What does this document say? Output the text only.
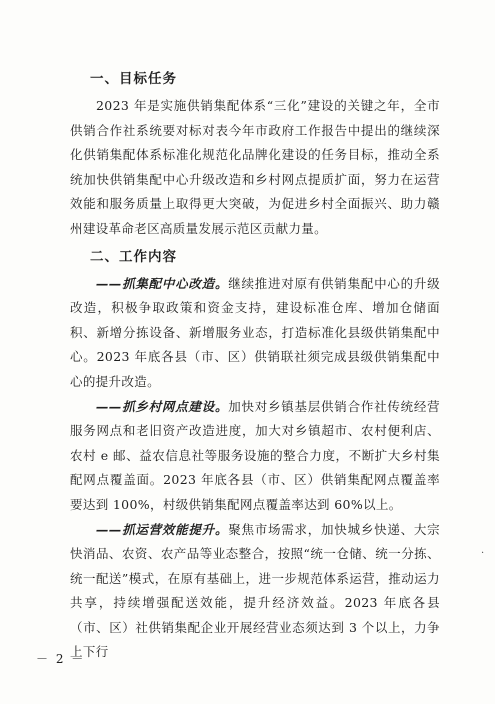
一、目标任务

2023 年是实施供销集配体系“三化”建设的关键之年，全市供销合作社系统要对标对表今年市政府工作报告中提出的继续深化供销集配体系标准化规范化品牌化建设的任务目标，推动全系统加快供销集配中心升级改造和乡村网点提质扩面，努力在运营效能和服务质量上取得更大突破，为促进乡村全面振兴、助力赣州建设革命老区高质量发展示范区贡献力量。

二、工作内容

——抓集配中心改造。继续推进对原有供销集配中心的升级改造，积极争取政策和资金支持，建设标准仓库、增加仓储面积、新增分拣设备、新增服务业态，打造标准化县级供销集配中心。2023 年底各县（市、区）供销联社须完成县级供销集配中心的提升改造。

——抓乡村网点建设。加快对乡镇基层供销合作社传统经营服务网点和老旧资产改造进度，加大对乡镇超市、农村便利店、农村 e 邮、益农信息社等服务设施的整合力度，不断扩大乡村集配网点覆盖面。2023 年底各县（市、区）供销集配网点覆盖率要达到 100%，村级供销集配网点覆盖率达到 60%以上。

——抓运营效能提升。聚焦市场需求，加快城乡快递、大宗快消品、农资、农产品等业态整合，按照“统一仓储、统一分拣、统一配送”模式，在原有基础上，进一步规范体系运营，推动运力共享，持续增强配送效能，提升经济效益。2023 年底各县（市、区）社供销集配企业开展经营业态须达到 3 个以上，力争上下行

－ 2 －
·
